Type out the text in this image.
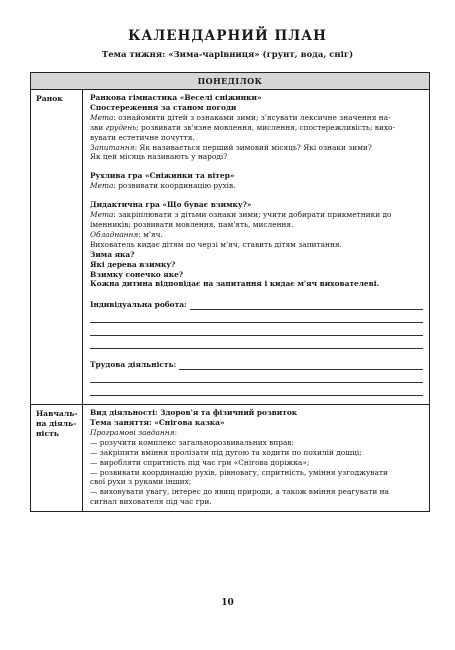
КАЛЕНДАРНИЙ ПЛАН
Тема тижня: «Зима-чарівниця» (грунт, вода, сніг)
ПОНЕДІЛОК
Ранок	Ранкова гімнастика «Веселі сніжинки»

Спостереження за станом погоди

Мета: ознайомити дітей з ознаками зими; з'ясувати лексичне значення на-

зви грудень; розвивати зв'язне мовлення, мислення, спостережливість; вихо-

вувати естетичне почуття.

Запитання: Як називається перший зимовий місяць? Які ознаки зими?

Як цей місяць називають у народі?

Рухлива гра «Сніжинки та вітер»

Мета: розвивати координацію рухів.

Дидактична гра «Що буває взимку?»

Мета: закріплювати з дітьми ознаки зими; учити добирати прикметники до

іменників; розвивати мовлення, пам'ять, мислення.

Обладнання: м'яч.

Вихователь кидає дітям по черзі м'яч, ставить дітям запитання.

Зима яка?

Які дерева взимку?

Взимку сонечко яке?

Кожна дитина відповідає на запитання і кидає м'яч вихователеві.

Індивідуальна робота:
Трудова діяльність:
Навчаль-
на діяль-
ність

Вид діяльності: Здоров'я та фізичний розвиток

Тема заняття: «Снігова казка»

Програмові завдання:

— розучити комплекс загальнорозвивальних вправ;

— закріпити вміння пролізати під дугою та ходити по похилій дошці;

— виробляти спритність під час гри «Снігова доріжка»;

— розвивати координацію рухів, рівновагу, спритність, уміння узгоджувати

свої рухи з руками інших;

— виховувати увагу, інтерес до явищ природи, а також вміння реагувати на

сигнал вихователя під час гри.

10
